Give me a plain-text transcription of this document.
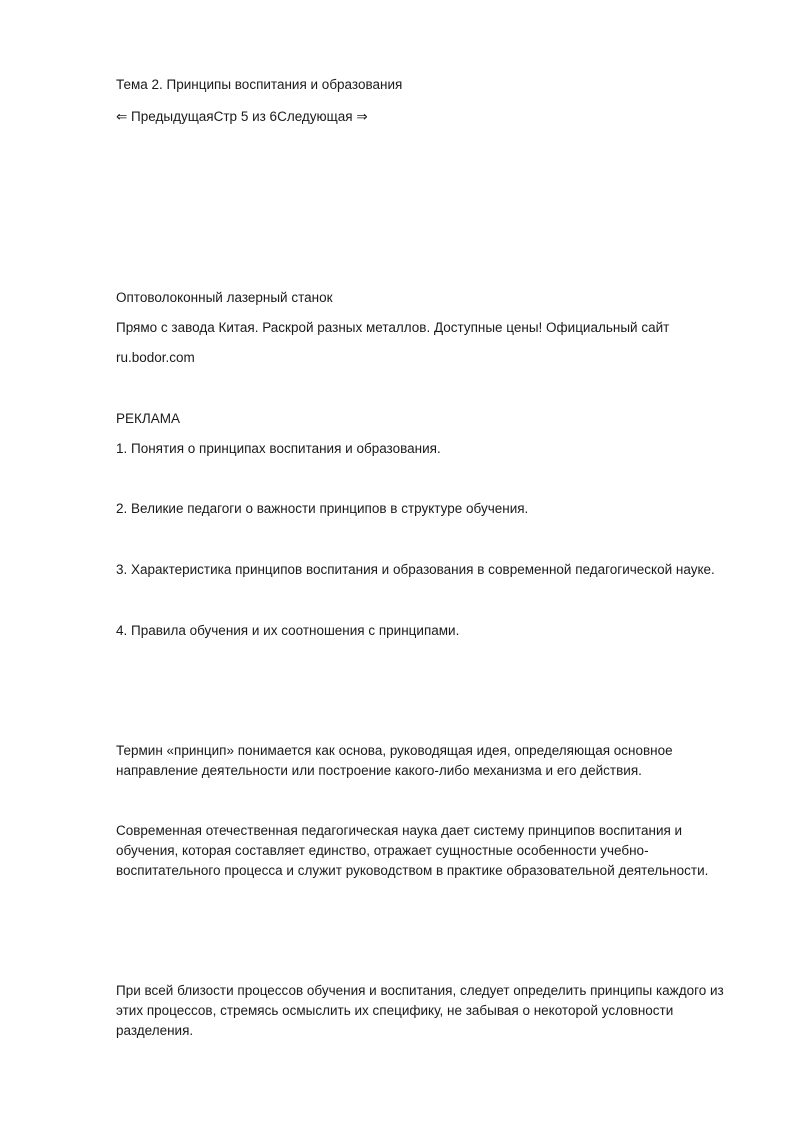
Тема 2. Принципы воспитания и образования
⇐ ПредыдущаяСтр 5 из 6Следующая ⇒
Оптоволоконный лазерный станок
Прямо с завода Китая. Раскрой разных металлов. Доступные цены! Официальный сайт
ru.bodor.com
РЕКЛАМА
1. Понятия о принципах воспитания и образования.
2. Великие педагоги о важности принципов в структуре обучения.
3. Характеристика принципов воспитания и образования в современной педагогической науке.
4. Правила обучения и их соотношения с принципами.
Термин «принцип» понимается как основа, руководящая идея, определяющая основное направление деятельности или построение какого-либо механизма и его действия.
Современная отечественная педагогическая наука дает систему принципов воспитания и обучения, которая составляет единство, отражает сущностные особенности учебно-воспитательного процесса и служит руководством в практике образовательной деятельности.
При всей близости процессов обучения и воспитания, следует определить принципы каждого из этих процессов, стремясь осмыслить их специфику, не забывая о некоторой условности разделения.
